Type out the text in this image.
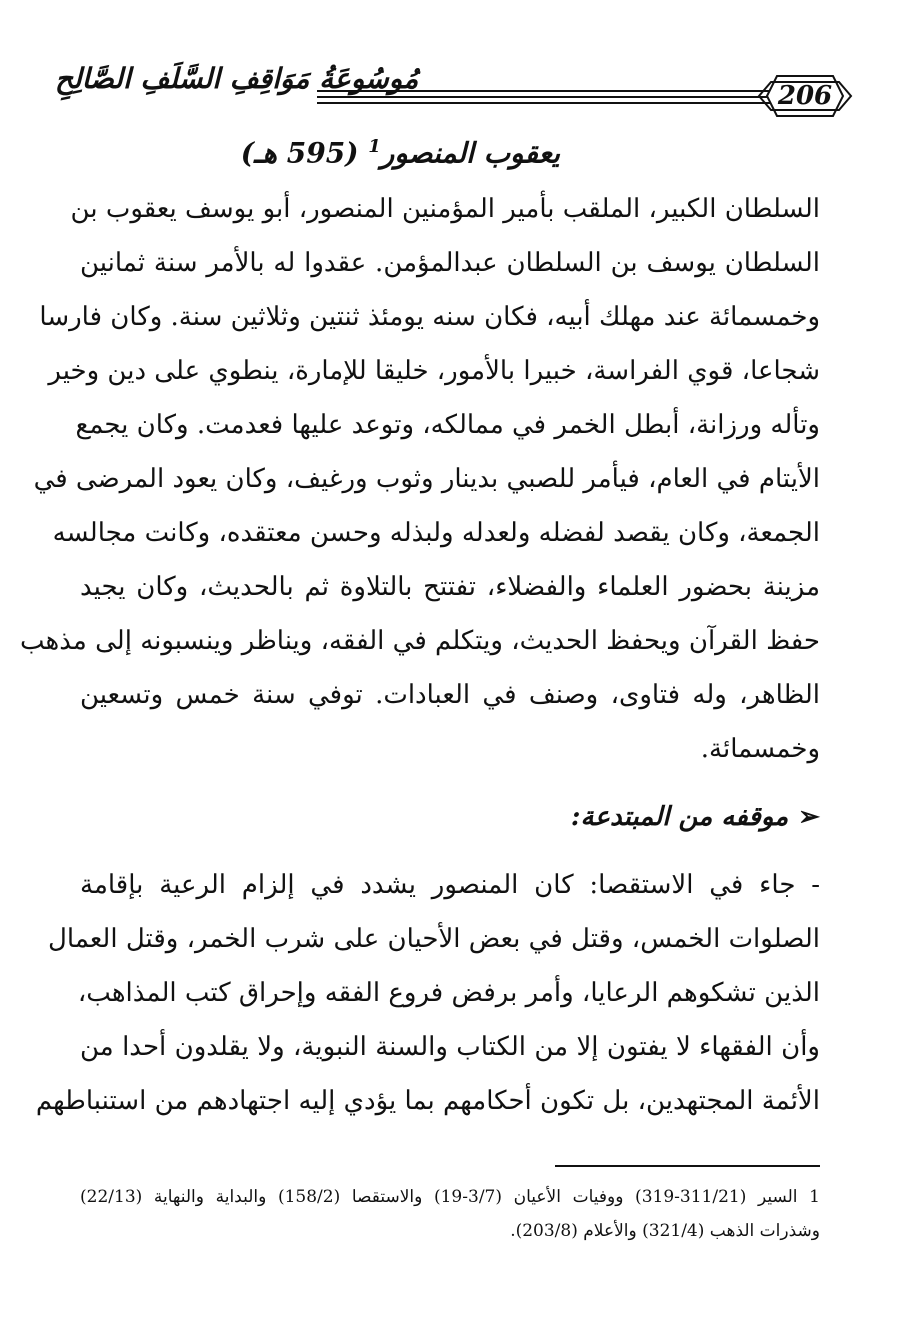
مُوسُوعَةُ مَوَاقِفِ السَّلَفِ الصَّالِحِ
206
يعقوب المنصور$^1$ (595 هـ)
السلطان الكبير، الملقب بأمير المؤمنين المنصور، أبو يوسف يعقوب بن
السلطان يوسف بن السلطان عبدالمؤمن. عقدوا له بالأمر سنة ثمانين
وخمسمائة عند مهلك أبيه، فكان سنه يومئذ ثنتين وثلاثين سنة. وكان فارسا
شجاعا، قوي الفراسة، خبيرا بالأمور، خليقا للإمارة، ينطوي على دين وخير
وتأله ورزانة، أبطل الخمر في ممالكه، وتوعد عليها فعدمت. وكان يجمع
الأيتام في العام، فيأمر للصبي بدينار وثوب ورغيف، وكان يعود المرضى في
الجمعة، وكان يقصد لفضله ولعدله ولبذله وحسن معتقده، وكانت مجالسه
مزينة بحضور العلماء والفضلاء، تفتتح بالتلاوة ثم بالحديث، وكان يجيد
حفظ القرآن ويحفظ الحديث، ويتكلم في الفقه، ويناظر وينسبونه إلى مذهب
الظاهر، وله فتاوى، وصنف في العبادات. توفي سنة خمس وتسعين
وخمسمائة.
➢موقفه من المبتدعة:
- جاء في الاستقصا: كان المنصور يشدد في إلزام الرعية بإقامة
الصلوات الخمس، وقتل في بعض الأحيان على شرب الخمر، وقتل العمال
الذين تشكوهم الرعايا، وأمر برفض فروع الفقه وإحراق كتب المذاهب،
وأن الفقهاء لا يفتون إلا من الكتاب والسنة النبوية، ولا يقلدون أحدا من
الأئمة المجتهدين، بل تكون أحكامهم بما يؤدي إليه اجتهادهم من استنباطهم
1 السير (311/21-319) ووفيات الأعيان (3/7-19) والاستقصا (158/2) والبداية والنهاية (22/13)
وشذرات الذهب (321/4) والأعلام (203/8).
